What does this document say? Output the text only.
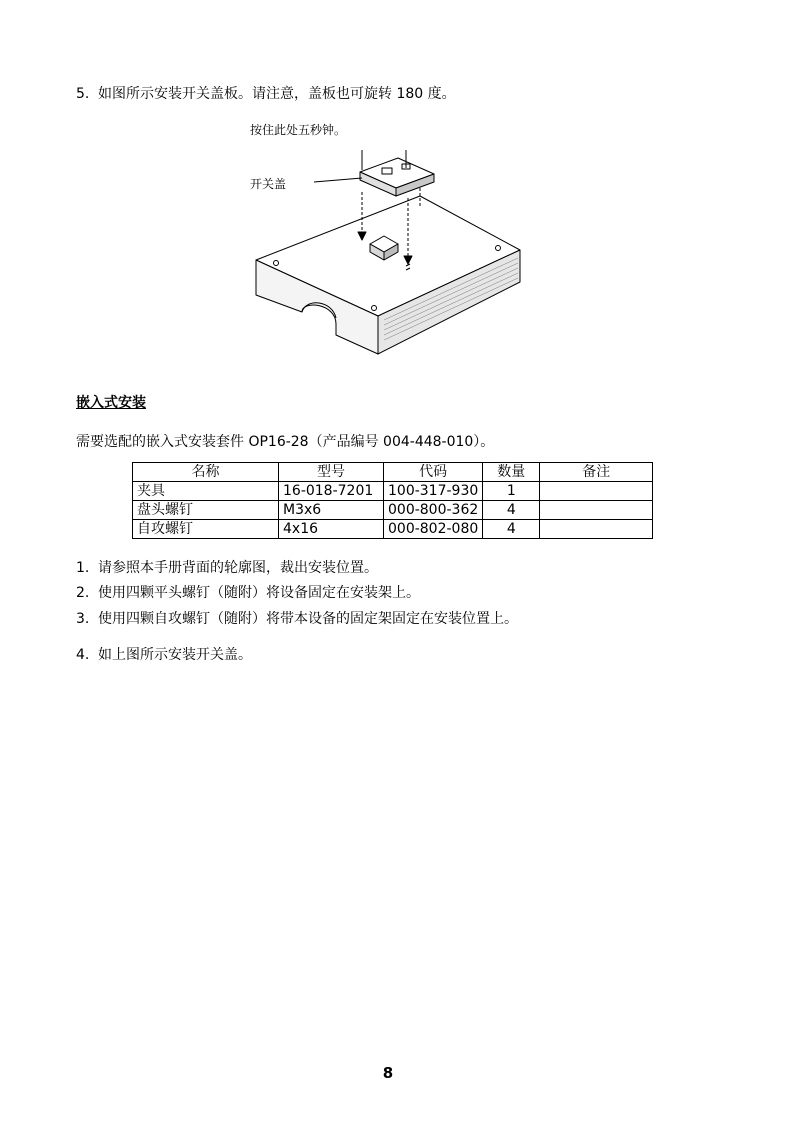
5. 如图所示安装开关盖板。请注意，盖板也可旋转 180 度。
按住此处五秒钟。
开关盖
嵌入式安装
需要选配的嵌入式安装套件 OP16-28（产品编号 004-448-010）。
名称	型号	代码	数量	备注
夹具	16-018-7201	100-317-930	1	
盘头螺钉	M3x6	000-800-362	4	
自攻螺钉	4x16	000-802-080	4	
1. 请参照本手册背面的轮廓图，裁出安装位置。
2. 使用四颗平头螺钉（随附）将设备固定在安装架上。
3. 使用四颗自攻螺钉（随附）将带本设备的固定架固定在安装位置上。
4. 如上图所示安装开关盖。
8
